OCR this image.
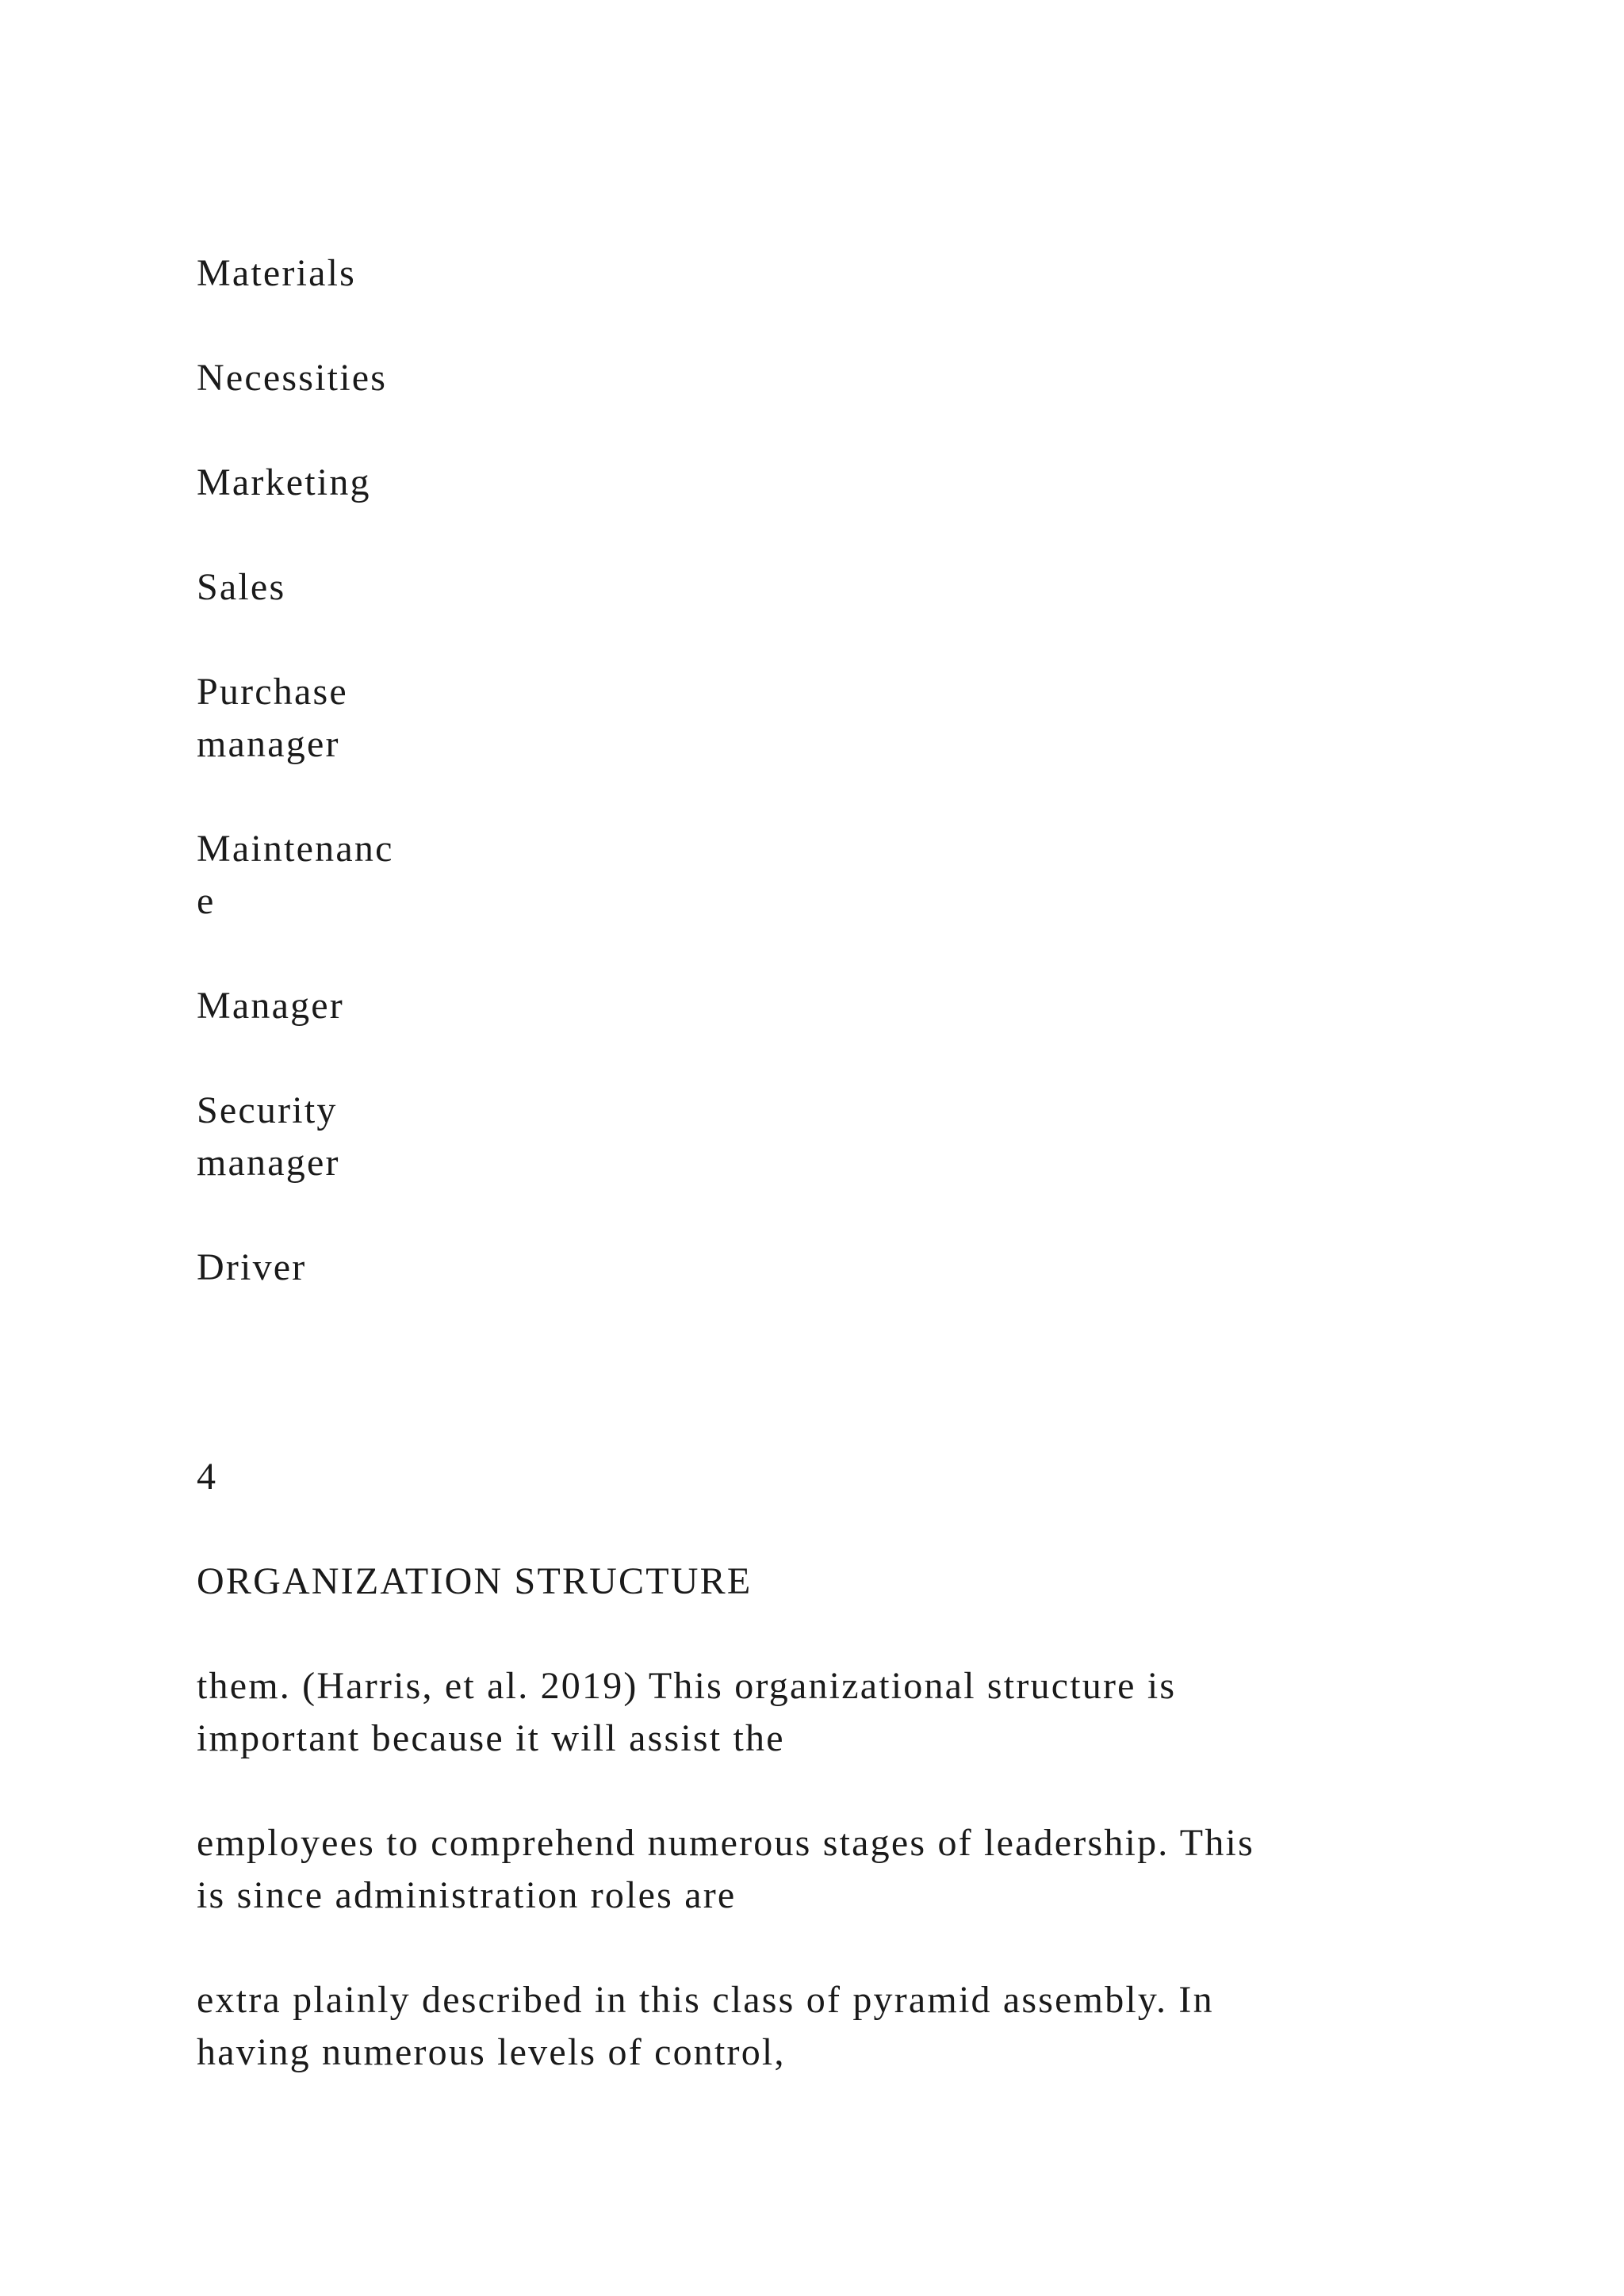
Materials

Necessities

Marketing

Sales

Purchase
manager
Maintenanc
e

Manager

Security
manager

Driver

4

ORGANIZATION STRUCTURE

them. (Harris, et al. 2019) This organizational structure is
important because it will assist the
employees to comprehend numerous stages of leadership. This
is since administration roles are
extra plainly described in this class of pyramid assembly. In
having numerous levels of control,
